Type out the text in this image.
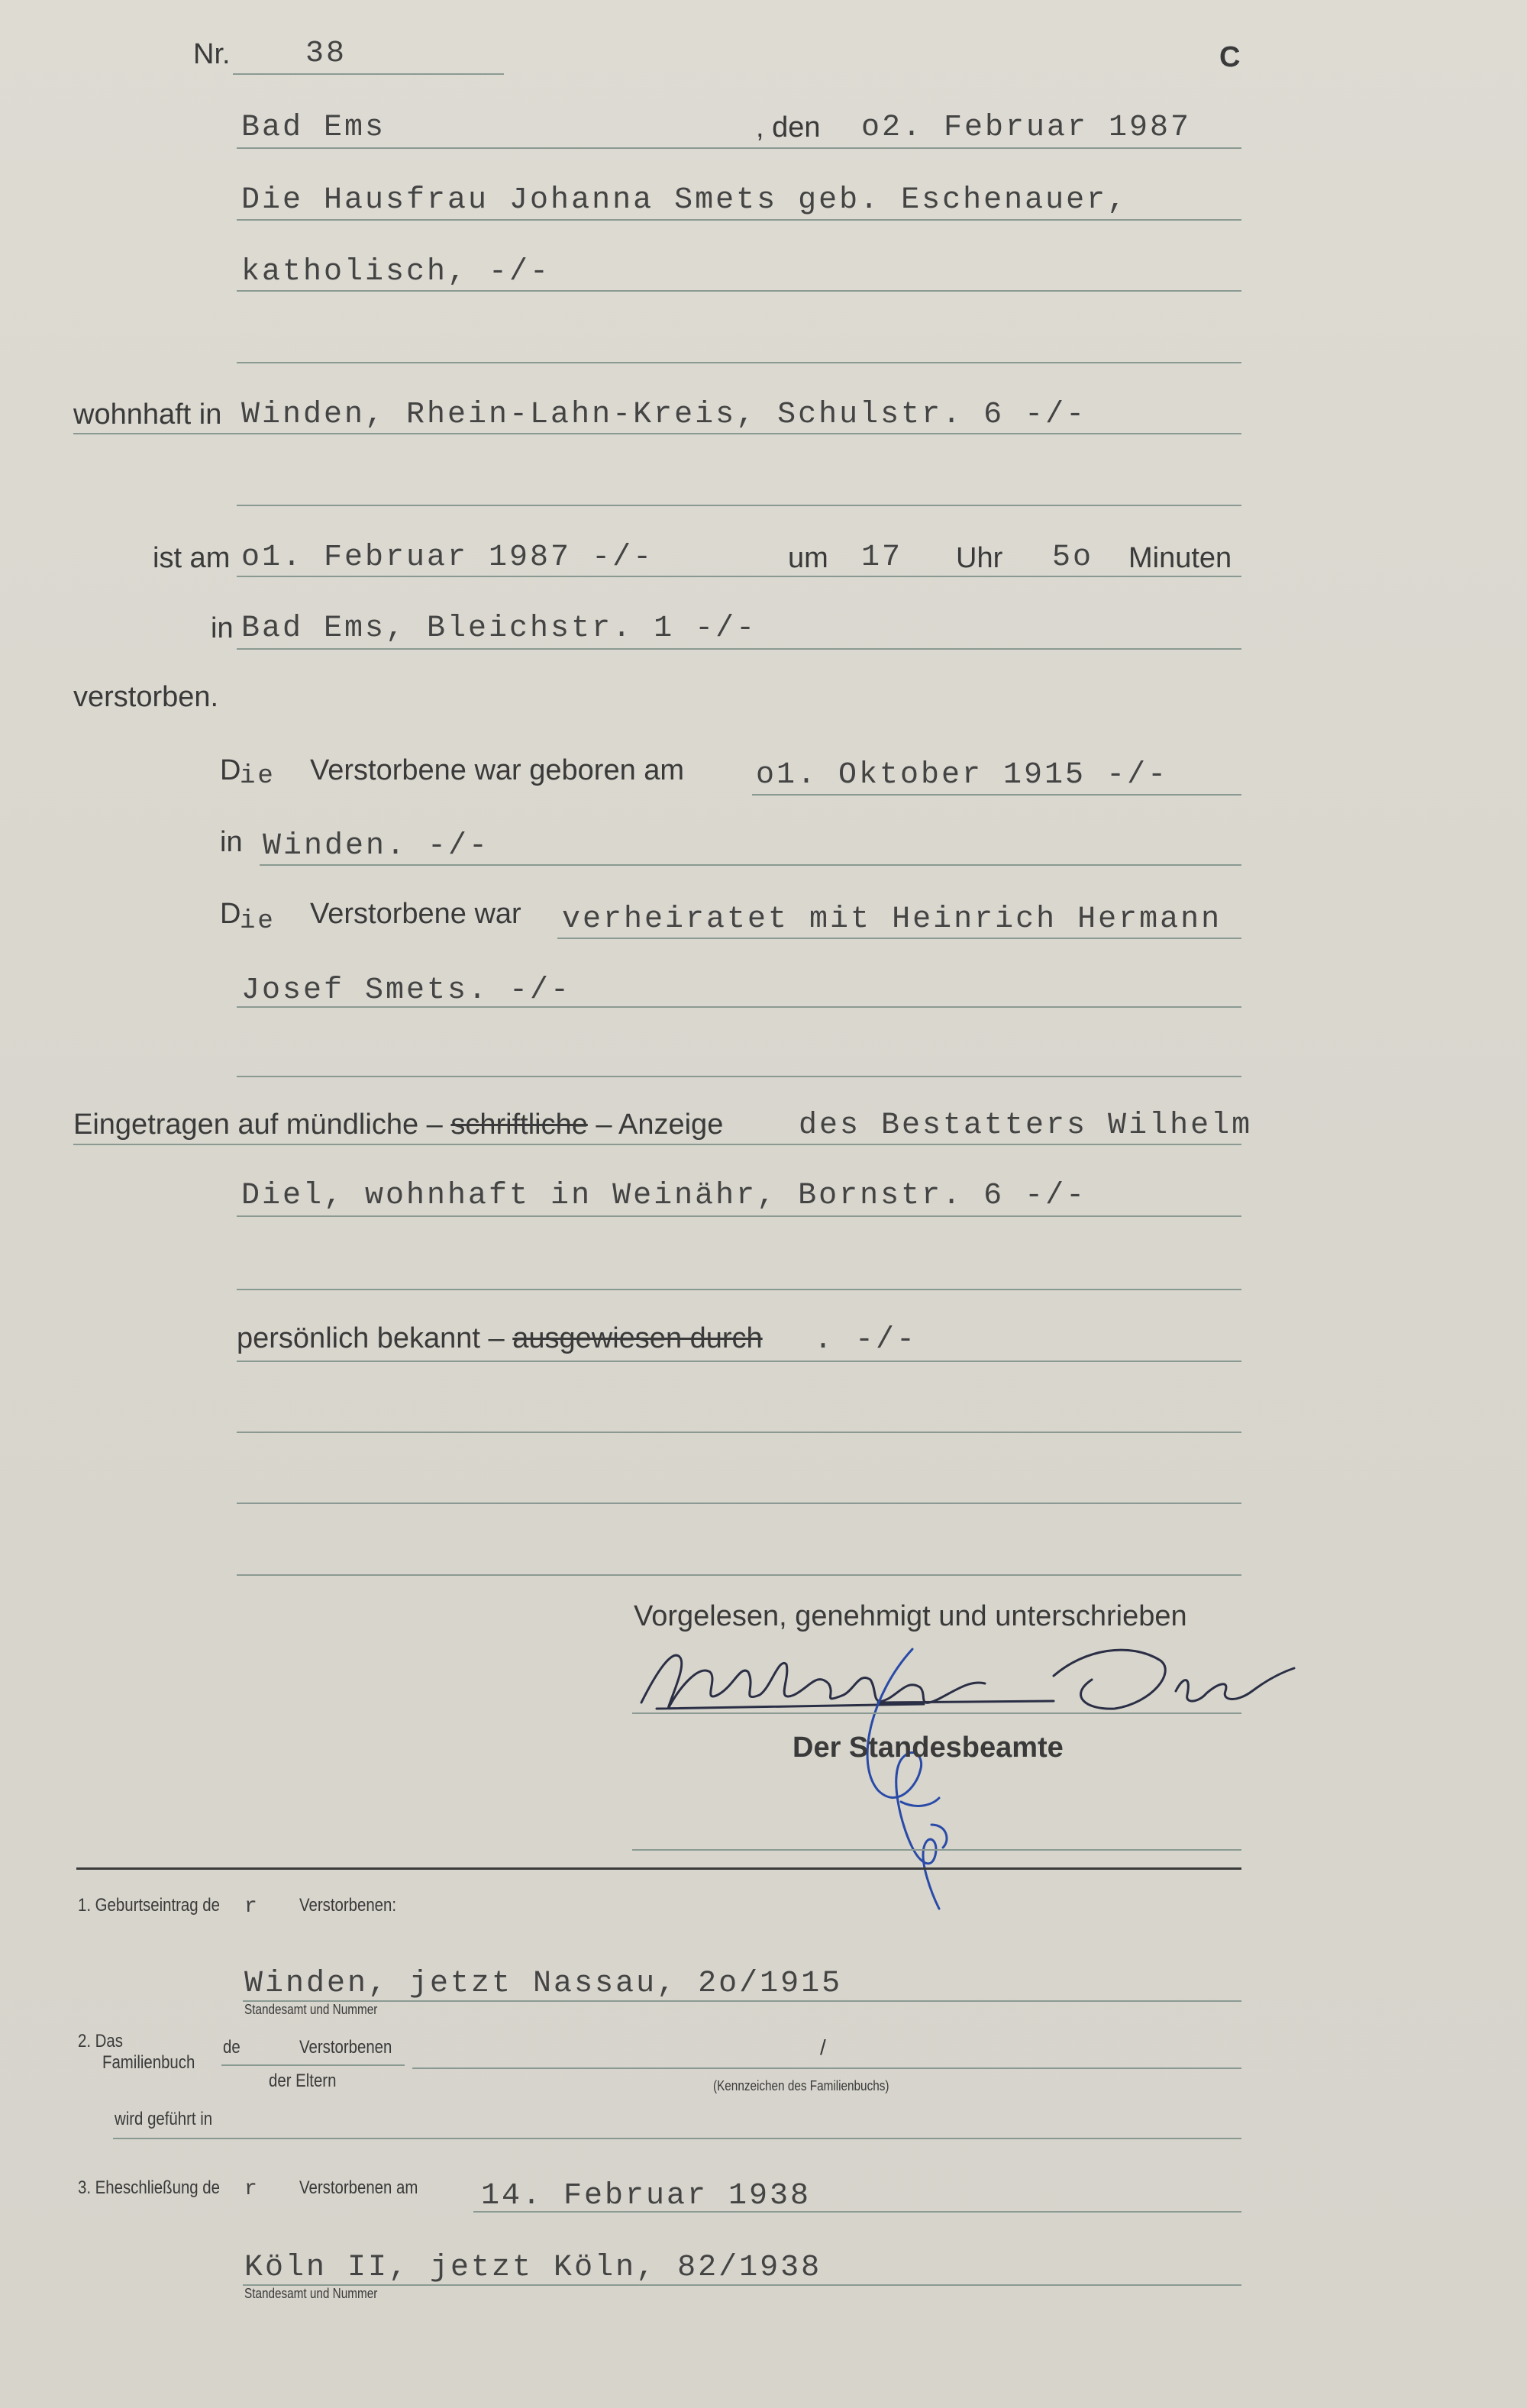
Nr. 38	C
Bad Ems	, den o2. Februar 1987
Die Hausfrau Johanna Smets geb. Eschenauer,
katholisch, -/-
wohnhaft in Winden, Rhein-Lahn-Kreis, Schulstr. 6 -/-
ist am o1. Februar 1987 -/-	um 17 Uhr 5o Minuten
in Bad Ems, Bleichstr. 1 -/-
verstorben.
D
ie Verstorbene war geboren am o1. Oktober 1915 -/-
in Winden. -/-
D
ie Verstorbene war verheiratet mit Heinrich Hermann
Josef Smets. -/-
Eingetragen auf mündliche – schriftliche – Anzeige des Bestatters Wilhelm
Diel, wohnhaft in Weinähr, Bornstr. 6 -/-
persönlich bekannt – ausgewiesen durch . -/-
Vorgelesen, genehmigt und unterschrieben
Der Standesbeamte
1. Geburtseintrag de r Verstorbenen:
Winden, jetzt Nassau, 2o/1915
Standesamt und Nummer
2. Das
Familienbuch
de	Verstorbenen
der Eltern
/
(Kennzeichen des Familienbuchs)
wird geführt in
3. Eheschließung de r Verstorbenen am 14. Februar 1938
Köln II, jetzt Köln, 82/1938
Standesamt und Nummer
